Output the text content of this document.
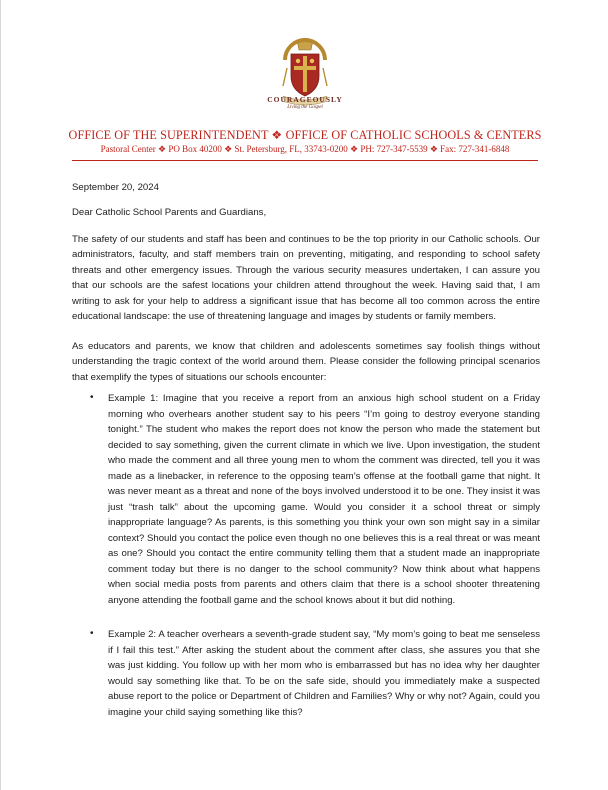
COURAGEOUSLY
Living the Gospel
OFFICE OF THE SUPERINTENDENT ❖ OFFICE OF CATHOLIC SCHOOLS & CENTERS
Pastoral Center ❖ PO Box 40200 ❖ St. Petersburg, FL, 33743-0200 ❖ PH: 727-347-5539 ❖ Fax: 727-341-6848
September 20, 2024
Dear Catholic School Parents and Guardians,
The safety of our students and staff has been and continues to be the top priority in our Catholic schools. Our administrators, faculty, and staff members train on preventing, mitigating, and responding to school safety threats and other emergency issues. Through the various security measures undertaken, I can assure you that our schools are the safest locations your children attend throughout the week. Having said that, I am writing to ask for your help to address a significant issue that has become all too common across the entire educational landscape: the use of threatening language and images by students or family members.
As educators and parents, we know that children and adolescents sometimes say foolish things without understanding the tragic context of the world around them. Please consider the following principal scenarios that exemplify the types of situations our schools encounter:
• Example 1: Imagine that you receive a report from an anxious high school student on a Friday morning who overhears another student say to his peers “I’m going to destroy everyone standing tonight.” The student who makes the report does not know the person who made the statement but decided to say something, given the current climate in which we live. Upon investigation, the student who made the comment and all three young men to whom the comment was directed, tell you it was made as a linebacker, in reference to the opposing team’s offense at the football game that night. It was never meant as a threat and none of the boys involved understood it to be one. They insist it was just “trash talk” about the upcoming game. Would you consider it a school threat or simply inappropriate language? As parents, is this something you think your own son might say in a similar context? Should you contact the police even though no one believes this is a real threat or was meant as one? Should you contact the entire community telling them that a student made an inappropriate comment today but there is no danger to the school community? Now think about what happens when social media posts from parents and others claim that there is a school shooter threatening anyone attending the football game and the school knows about it but did nothing.
• Example 2: A teacher overhears a seventh-grade student say, “My mom’s going to beat me senseless if I fail this test.” After asking the student about the comment after class, she assures you that she was just kidding. You follow up with her mom who is embarrassed but has no idea why her daughter would say something like that. To be on the safe side, should you immediately make a suspected abuse report to the police or Department of Children and Families? Why or why not? Again, could you imagine your child saying something like this?
